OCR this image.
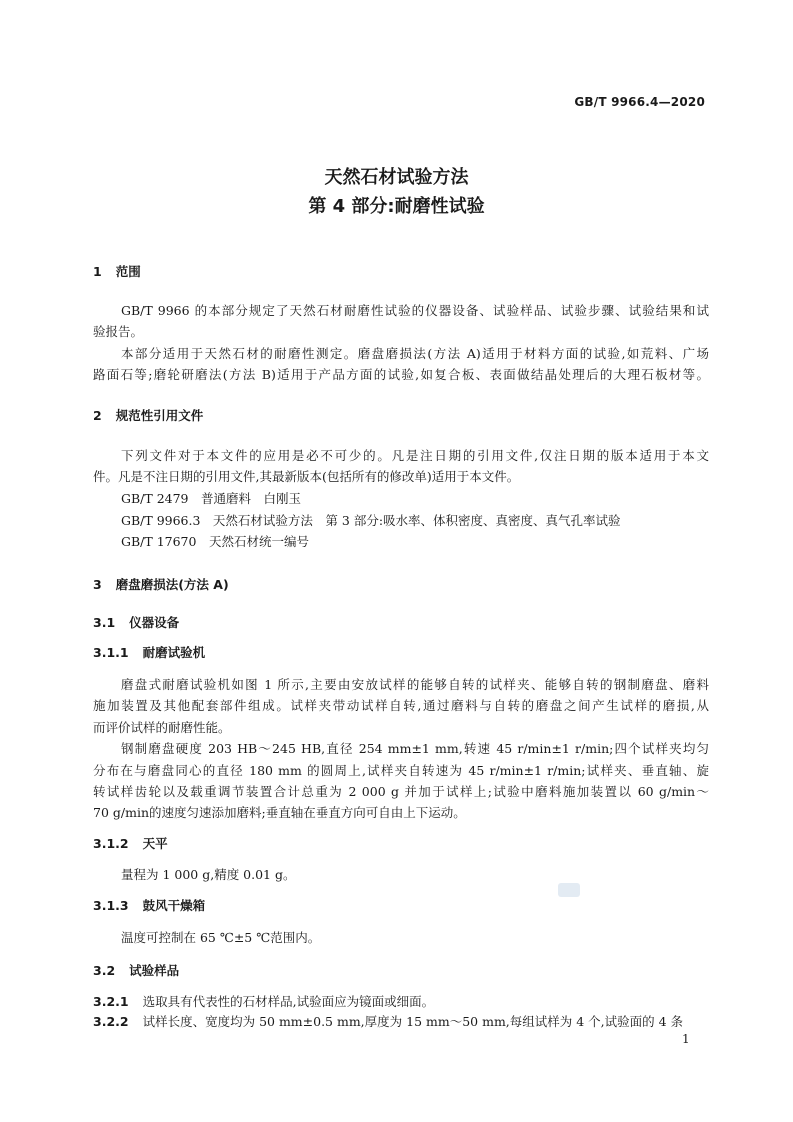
GB/T 9966.4—2020
天然石材试验方法
第 4 部分:耐磨性试验
1 范围
GB/T 9966 的本部分规定了天然石材耐磨性试验的仪器设备、试验样品、试验步骤、试验结果和试
验报告。
本部分适用于天然石材的耐磨性测定。磨盘磨损法(方法 A)适用于材料方面的试验,如荒料、广场
路面石等;磨轮研磨法(方法 B)适用于产品方面的试验,如复合板、表面做结晶处理后的大理石板材等。
2 规范性引用文件
下列文件对于本文件的应用是必不可少的。凡是注日期的引用文件,仅注日期的版本适用于本文
件。凡是不注日期的引用文件,其最新版本(包括所有的修改单)适用于本文件。
GB/T 2479　普通磨料　白刚玉
GB/T 9966.3　天然石材试验方法　第 3 部分:吸水率、体积密度、真密度、真气孔率试验
GB/T 17670　天然石材统一编号
3 磨盘磨损法(方法 A)
3.1 仪器设备
3.1.1 耐磨试验机
磨盘式耐磨试验机如图 1 所示,主要由安放试样的能够自转的试样夹、能够自转的钢制磨盘、磨料
施加装置及其他配套部件组成。试样夹带动试样自转,通过磨料与自转的磨盘之间产生试样的磨损,从
而评价试样的耐磨性能。
钢制磨盘硬度 203 HB～245 HB,直径 254 mm±1 mm,转速 45 r/min±1 r/min;四个试样夹均匀
分布在与磨盘同心的直径 180 mm 的圆周上,试样夹自转速为 45 r/min±1 r/min;试样夹、垂直轴、旋
转试样齿轮以及载重调节装置合计总重为 2 000 g 并加于试样上;试验中磨料施加装置以 60 g/min～
70 g/min的速度匀速添加磨料;垂直轴在垂直方向可自由上下运动。
3.1.2 天平
量程为 1 000 g,精度 0.01 g。
3.1.3 鼓风干燥箱
温度可控制在 65 ℃±5 ℃范围内。
3.2 试验样品
3.2.1 选取具有代表性的石材样品,试验面应为镜面或细面。
3.2.2 试样长度、宽度均为 50 mm±0.5 mm,厚度为 15 mm～50 mm,每组试样为 4 个,试验面的 4 条
1
